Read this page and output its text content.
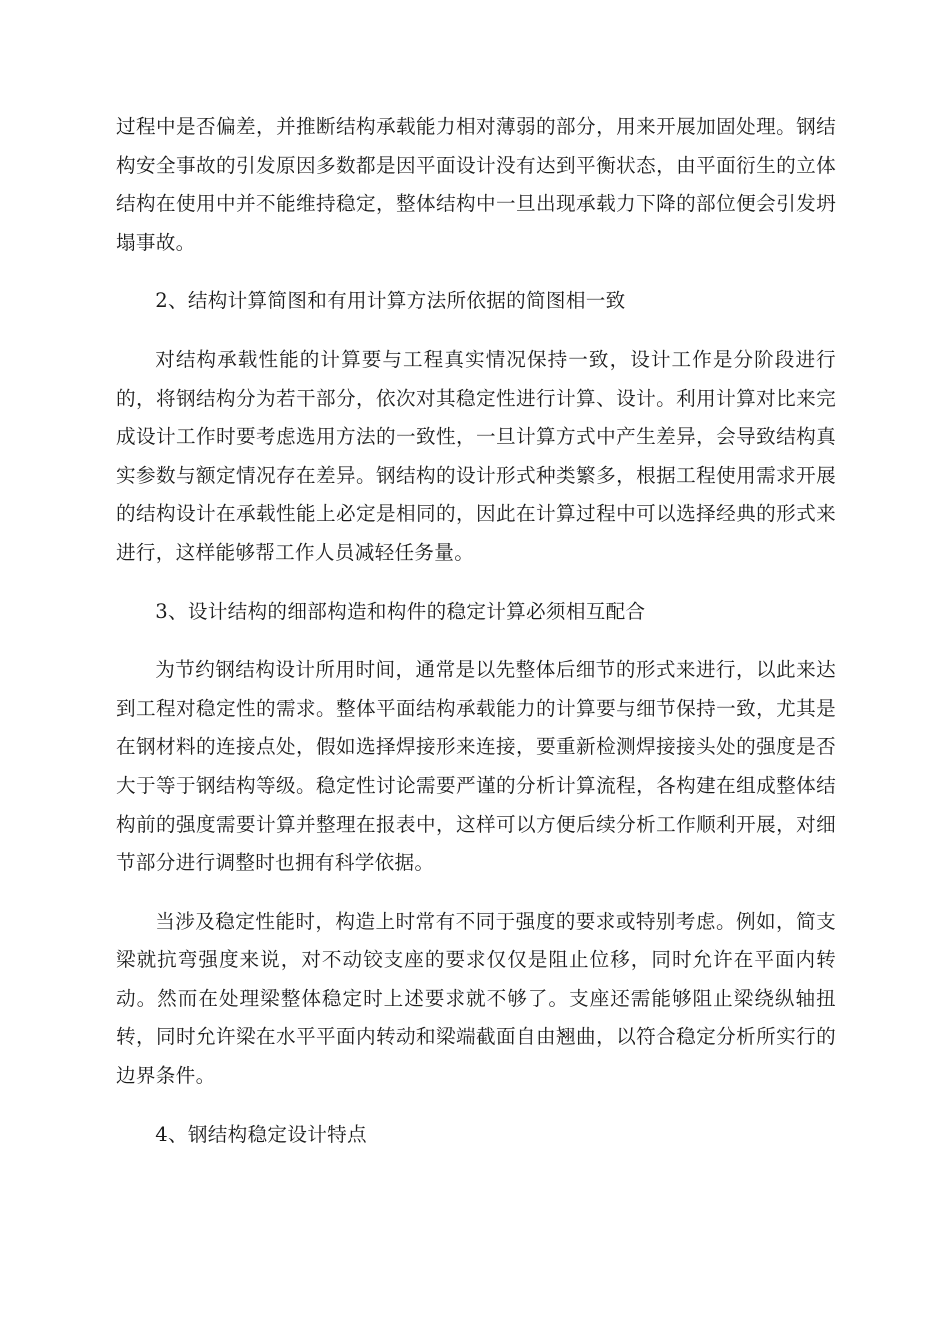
过程中是否偏差，并推断结构承载能力相对薄弱的部分，用来开展加固处理。钢结构安全事故的引发原因多数都是因平面设计没有达到平衡状态，由平面衍生的立体结构在使用中并不能维持稳定，整体结构中一旦出现承载力下降的部位便会引发坍塌事故。

2、结构计算简图和有用计算方法所依据的简图相一致

对结构承载性能的计算要与工程真实情况保持一致，设计工作是分阶段进行的，将钢结构分为若干部分，依次对其稳定性进行计算、设计。利用计算对比来完成设计工作时要考虑选用方法的一致性，一旦计算方式中产生差异，会导致结构真实参数与额定情况存在差异。钢结构的设计形式种类繁多，根据工程使用需求开展的结构设计在承载性能上必定是相同的，因此在计算过程中可以选择经典的形式来进行，这样能够帮工作人员减轻任务量。

3、设计结构的细部构造和构件的稳定计算必须相互配合

为节约钢结构设计所用时间，通常是以先整体后细节的形式来进行，以此来达到工程对稳定性的需求。整体平面结构承载能力的计算要与细节保持一致，尤其是在钢材料的连接点处，假如选择焊接形来连接，要重新检测焊接接头处的强度是否大于等于钢结构等级。稳定性讨论需要严谨的分析计算流程，各构建在组成整体结构前的强度需要计算并整理在报表中，这样可以方便后续分析工作顺利开展，对细节部分进行调整时也拥有科学依据。

当涉及稳定性能时，构造上时常有不同于强度的要求或特别考虑。例如，简支梁就抗弯强度来说，对不动铰支座的要求仅仅是阻止位移，同时允许在平面内转动。然而在处理梁整体稳定时上述要求就不够了。支座还需能够阻止梁绕纵轴扭转，同时允许梁在水平平面内转动和梁端截面自由翘曲，以符合稳定分析所实行的边界条件。

4、钢结构稳定设计特点
